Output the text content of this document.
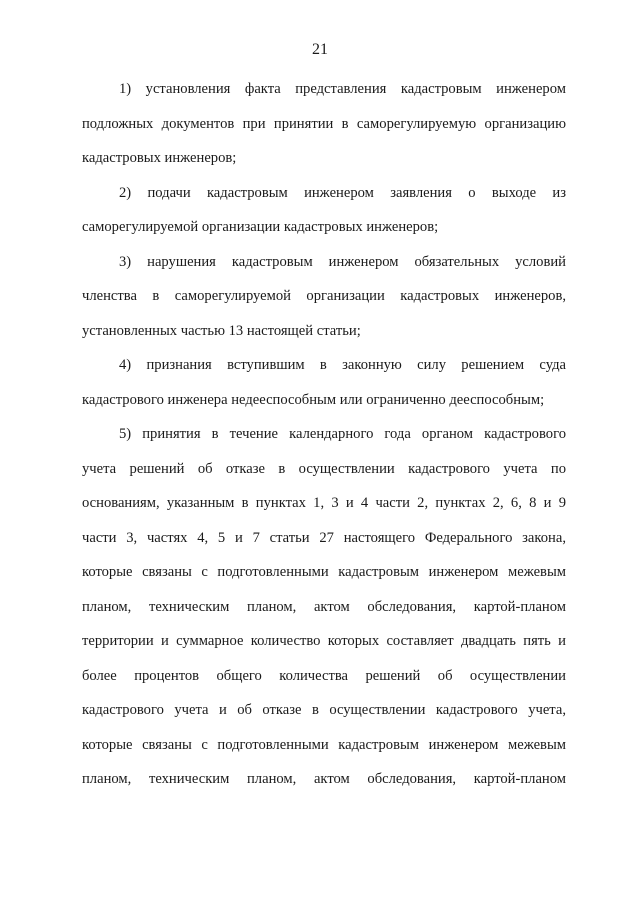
21
1) установления факта представления кадастровым инженером
подложных документов при принятии в саморегулируемую организацию
кадастровых инженеров;
2) подачи кадастровым инженером заявления о выходе из
саморегулируемой организации кадастровых инженеров;
3) нарушения кадастровым инженером обязательных условий
членства в саморегулируемой организации кадастровых инженеров,
установленных частью 13 настоящей статьи;
4) признания вступившим в законную силу решением суда
кадастрового инженера недееспособным или ограниченно дееспособным;
5) принятия в течение календарного года органом кадастрового
учета решений об отказе в осуществлении кадастрового учета по
основаниям, указанным в пунктах 1, 3 и 4 части 2, пунктах 2, 6, 8 и 9
части 3, частях 4, 5 и 7 статьи 27 настоящего Федерального закона,
которые связаны с подготовленными кадастровым инженером межевым
планом, техническим планом, актом обследования, картой-планом
территории и суммарное количество которых составляет двадцать пять и
более процентов общего количества решений об осуществлении
кадастрового учета и об отказе в осуществлении кадастрового учета,
которые связаны с подготовленными кадастровым инженером межевым
планом, техническим планом, актом обследования, картой-планом
